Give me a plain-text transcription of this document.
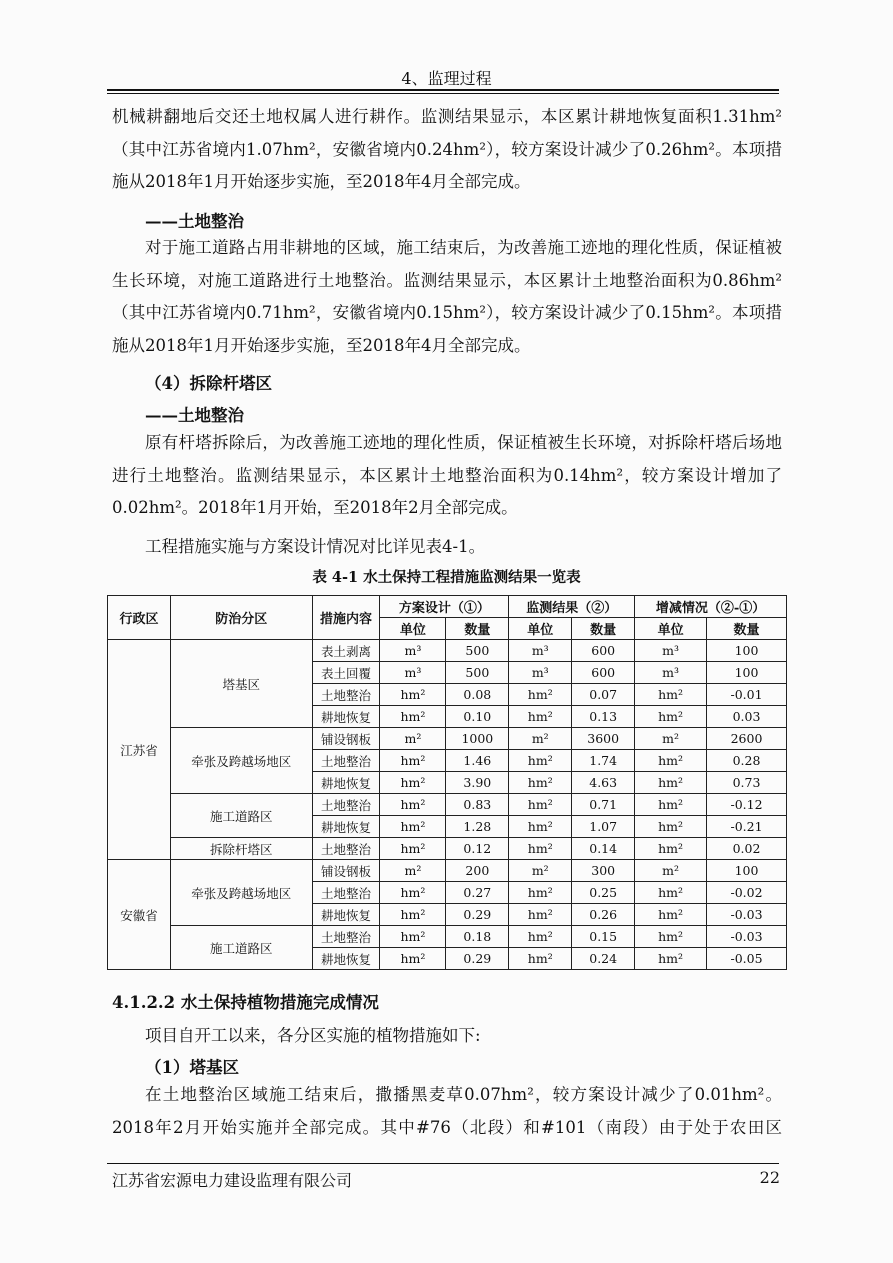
4、监理过程
机械耕翻地后交还土地权属人进行耕作。监测结果显示，本区累计耕地恢复面积1.31hm²（其中江苏省境内1.07hm²，安徽省境内0.24hm²），较方案设计减少了0.26hm²。本项措施从2018年1月开始逐步实施，至2018年4月全部完成。
——土地整治
对于施工道路占用非耕地的区域，施工结束后，为改善施工迹地的理化性质，保证植被生长环境，对施工道路进行土地整治。监测结果显示，本区累计土地整治面积为0.86hm²（其中江苏省境内0.71hm²，安徽省境内0.15hm²），较方案设计减少了0.15hm²。本项措施从2018年1月开始逐步实施，至2018年4月全部完成。
（4）拆除杆塔区
——土地整治
原有杆塔拆除后，为改善施工迹地的理化性质，保证植被生长环境，对拆除杆塔后场地进行土地整治。监测结果显示，本区累计土地整治面积为0.14hm²，较方案设计增加了0.02hm²。2018年1月开始，至2018年2月全部完成。
工程措施实施与方案设计情况对比详见表4-1。
表 4-1 水土保持工程措施监测结果一览表
行政区	防治分区	措施内容	方案设计（①）		监测结果（②）		增减情况（②-①）	
			单位	数量	单位	数量	单位	数量
江苏省	塔基区	表土剥离	m³	500	m³	600	m³	100
		表土回覆	m³	500	m³	600	m³	100
		土地整治	hm²	0.08	hm²	0.07	hm²	-0.01
		耕地恢复	hm²	0.10	hm²	0.13	hm²	0.03
	牵张及跨越场地区	铺设钢板	m²	1000	m²	3600	m²	2600
		土地整治	hm²	1.46	hm²	1.74	hm²	0.28
		耕地恢复	hm²	3.90	hm²	4.63	hm²	0.73
	施工道路区	土地整治	hm²	0.83	hm²	0.71	hm²	-0.12
		耕地恢复	hm²	1.28	hm²	1.07	hm²	-0.21
	拆除杆塔区	土地整治	hm²	0.12	hm²	0.14	hm²	0.02
安徽省	牵张及跨越场地区	铺设钢板	m²	200	m²	300	m²	100
		土地整治	hm²	0.27	hm²	0.25	hm²	-0.02
		耕地恢复	hm²	0.29	hm²	0.26	hm²	-0.03
	施工道路区	土地整治	hm²	0.18	hm²	0.15	hm²	-0.03
		耕地恢复	hm²	0.29	hm²	0.24	hm²	-0.05
4.1.2.2 水土保持植物措施完成情况
项目自开工以来，各分区实施的植物措施如下:
（1）塔基区
在土地整治区域施工结束后，撒播黑麦草0.07hm²，较方案设计减少了0.01hm²。2018年2月开始实施并全部完成。其中#76（北段）和#101（南段）由于处于农田区
江苏省宏源电力建设监理有限公司	22
